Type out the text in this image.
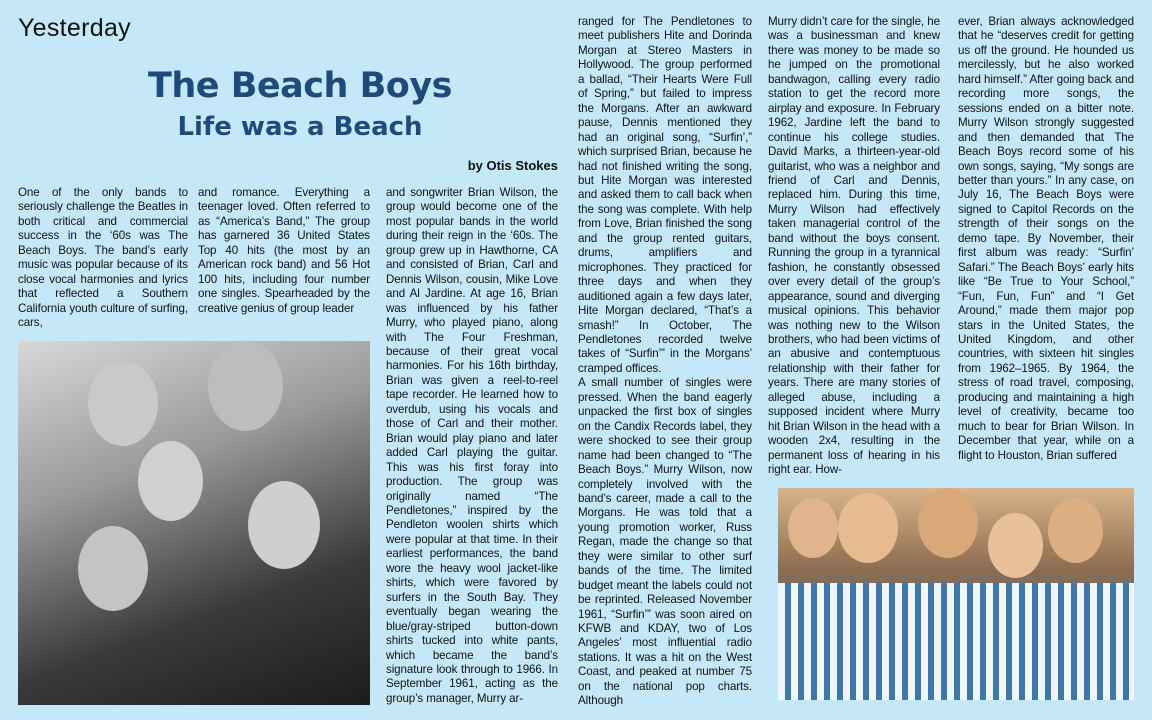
Yesterday
The Beach Boys
Life was a Beach
by Otis Stokes

One of the only bands to seriously challenge the Beatles in both critical and commercial success in the ‘60s was The Beach Boys. The band’s early music was popular because of its close vocal harmonies and lyrics that reflected a Southern California youth culture of surfing, cars,

and romance. Everything a teenager loved. Often referred to as “America’s Band,” The group has garnered 36 United States Top 40 hits (the most by an American rock band) and 56 Hot 100 hits, including four number one singles. Spearheaded by the creative genius of group leader

and songwriter Brian Wilson, the group would become one of the most popular bands in the world during their reign in the ‘60s. The group grew up in Hawthorne, CA and consisted of Brian, Carl and Dennis Wilson, cousin, Mike Love and Al Jardine. At age 16, Brian was influenced by his father Murry, who played piano, along with The Four Freshman, because of their great vocal harmonies. For his 16th birthday, Brian was given a reel-to-reel tape recorder. He learned how to overdub, using his vocals and those of Carl and their mother. Brian would play piano and later added Carl playing the guitar. This was his first foray into production. The group was originally named “The Pendletones,” inspired by the Pendleton woolen shirts which were popular at that time. In their earliest performances, the band wore the heavy wool jacket-like shirts, which were favored by surfers in the South Bay. They eventually began wearing the blue/gray-striped button-down shirts tucked into white pants, which became the band’s signature look through to 1966. In September 1961, acting as the group’s manager, Murry ar-

ranged for The Pendletones to meet publishers Hite and Dorinda Morgan at Stereo Masters in Hollywood. The group performed a ballad, “Their Hearts Were Full of Spring,” but failed to impress the Morgans. After an awkward pause, Dennis mentioned they had an original song, “Surfin’,” which surprised Brian, because he had not finished writing the song, but Hite Morgan was interested and asked them to call back when the song was complete. With help from Love, Brian finished the song and the group rented guitars, drums, amplifiers and microphones. They practiced for three days and when they auditioned again a few days later, Hite Morgan declared, “That’s a smash!” In October, The Pendletones recorded twelve takes of “Surfin’” in the Morgans’ cramped offices.

A small number of singles were pressed. When the band eagerly unpacked the first box of singles on the Candix Records label, they were shocked to see their group name had been changed to “The Beach Boys.” Murry Wilson, now completely involved with the band’s career, made a call to the Morgans. He was told that a young promotion worker, Russ Regan, made the change so that they were similar to other surf bands of the time. The limited budget meant the labels could not be reprinted. Released November 1961, “Surfin’” was soon aired on KFWB and KDAY, two of Los Angeles’ most influential radio stations. It was a hit on the West Coast, and peaked at number 75 on the national pop charts. Although

Murry didn’t care for the single, he was a businessman and knew there was money to be made so he jumped on the promotional bandwagon, calling every radio station to get the record more airplay and exposure. In February 1962, Jardine left the band to continue his college studies. David Marks, a thirteen-year-old guitarist, who was a neighbor and friend of Carl and Dennis, replaced him. During this time, Murry Wilson had effectively taken managerial control of the band without the boys consent. Running the group in a tyrannical fashion, he constantly obsessed over every detail of the group’s appearance, sound and diverging musical opinions. This behavior was nothing new to the Wilson brothers, who had been victims of an abusive and contemptuous relationship with their father for years. There are many stories of alleged abuse, including a supposed incident where Murry hit Brian Wilson in the head with a wooden 2x4, resulting in the permanent loss of hearing in his right ear. How-

ever, Brian always acknowledged that he “deserves credit for getting us off the ground. He hounded us mercilessly, but he also worked hard himself.” After going back and recording more songs, the sessions ended on a bitter note. Murry Wilson strongly suggested and then demanded that The Beach Boys record some of his own songs, saying, “My songs are better than yours.” In any case, on July 16, The Beach Boys were signed to Capitol Records on the strength of their songs on the demo tape. By November, their first album was ready: “Surfin’ Safari.” The Beach Boys’ early hits like “Be True to Your School,” “Fun, Fun, Fun” and “I Get Around,” made them major pop stars in the United States, the United Kingdom, and other countries, with sixteen hit singles from 1962–1965. By 1964, the stress of road travel, composing, producing and maintaining a high level of creativity, became too much to bear for Brian Wilson. In December that year, while on a flight to Houston, Brian suffered
